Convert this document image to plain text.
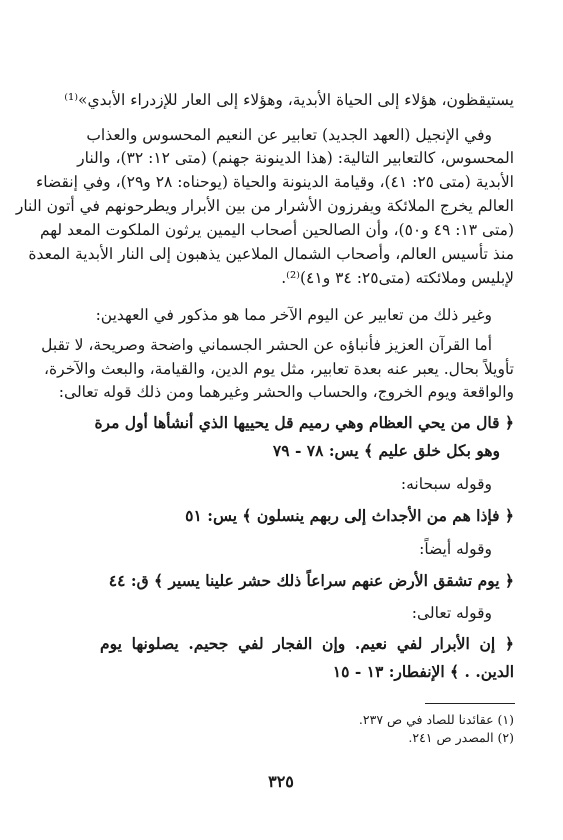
يستيقظون، هؤلاء إلى الحياة الأبدية، وهؤلاء إلى العار للإزدراء الأبدي»⁽¹⁾
وفي الإنجيل (العهد الجديد) تعابير عن النعيم المحسوس والعذاب
المحسوس، كالتعابير التالية: (هذا الدينونة جهنم) (متى ١٢: ٣٢)، والنار
الأبدية (متى ٢٥: ٤١)، وقيامة الدينونة والحياة (يوحناه: ٢٨ و٢٩)، وفي إنقضاء
العالم يخرج الملائكة ويفرزون الأشرار من بين الأبرار ويطرحونهم في أتون النار
(متى ١٣: ٤٩ و٥٠)، وأن الصالحين أصحاب اليمين يرثون الملكوت المعد لهم
منذ تأسيس العالم، وأصحاب الشمال الملاعين يذهبون إلى النار الأبدية المعدة
لإبليس وملائكته (متى٢٥: ٣٤ و٤١)⁽²⁾.
وغير ذلك من تعابير عن اليوم الآخر مما هو مذكور في العهدين:
أما القرآن العزيز فأنباؤه عن الحشر الجسماني واضحة وصريحة، لا تقبل
تأويلاً بحال. يعبر عنه بعدة تعابير، مثل يوم الدين، والقيامة، والبعث والآخرة،
والواقعة ويوم الخروج، والحساب والحشر وغيرهما ومن ذلك قوله تعالى:
﴿ قال من يحي العظام وهي رميم قل يحييها الذي أنشأها أول مرة
وهو بكل خلق عليم ﴾ يس: ٧٨ - ٧٩
وقوله سبحانه:
﴿ فإذا هم من الأجداث إلى ربهم ينسلون ﴾ يس: ٥١
وقوله أيضاً:
﴿ يوم تشقق الأرض عنهم سراعاً ذلك حشر علينا يسير ﴾ ق: ٤٤
وقوله تعالى:
﴿ إن الأبرار لفي نعيم. وإن الفجار لفي جحيم. يصلونها يوم
الدين. . ﴾ الإنفطار: ١٣ - ١٥
(١) عقائدنا للصاد في ص ٢٣٧.
(٢) المصدر ص ٢٤١.
٣٢٥
